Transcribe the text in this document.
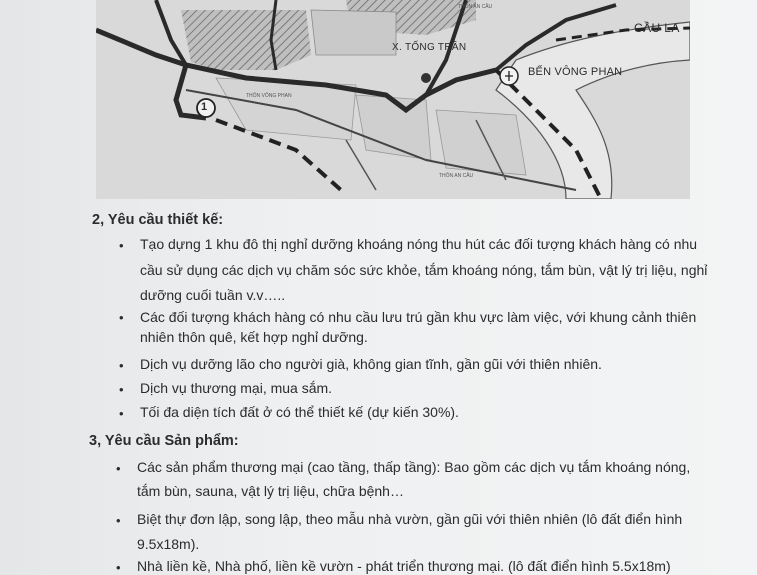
X. TỐNG TRÂN
CẦU LA
BẾN VÔNG PHAN
THÔN VÔNG PHAN
THÔN AN CẦU
THÔN AN CẦU
1
2, Yêu cầu thiết kế:
• Tạo dựng 1 khu đô thị nghỉ dưỡng khoáng nóng thu hút các đối tượng khách hàng có nhu
cầu sử dụng các dịch vụ chăm sóc sức khỏe, tắm khoáng nóng, tắm bùn, vật lý trị liệu, nghỉ
dưỡng cuối tuần v.v…..
• Các đối tượng khách hàng có nhu cầu lưu trú gần khu vực làm việc, với khung cảnh thiên
nhiên thôn quê, kết hợp nghỉ dưỡng.
• Dịch vụ dưỡng lão cho người già, không gian tĩnh, gần gũi với thiên nhiên.
• Dịch vụ thương mại, mua sắm.
• Tối đa diện tích đất ở có thể thiết kế (dự kiến 30%).
3, Yêu cầu Sản phẩm:
• Các sản phẩm thương mại (cao tầng, thấp tầng): Bao gồm các dịch vụ tắm khoáng nóng,
tắm bùn, sauna, vật lý trị liệu, chữa bệnh…
• Biệt thự đơn lập, song lập, theo mẫu nhà vườn, gần gũi với thiên nhiên (lô đất điển hình
9.5x18m).
• Nhà liền kề, Nhà phố, liền kề vườn - phát triển thương mại. (lô đất điển hình 5.5x18m)
